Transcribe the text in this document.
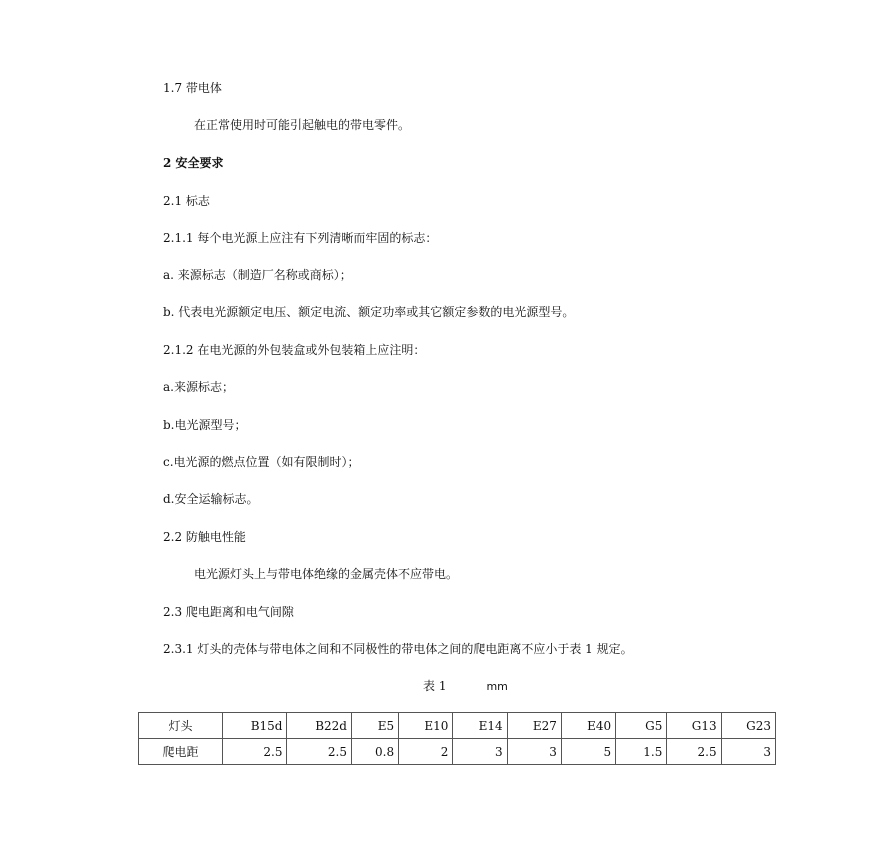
1.7 带电体
在正常使用时可能引起触电的带电零件。
2 安全要求
2.1 标志
2.1.1 每个电光源上应注有下列清晰而牢固的标志：
a. 来源标志（制造厂名称或商标）；
b. 代表电光源额定电压、额定电流、额定功率或其它额定参数的电光源型号。
2.1.2 在电光源的外包装盒或外包装箱上应注明：
a.来源标志；
b.电光源型号；
c.电光源的燃点位置（如有限制时）；
d.安全运输标志。
2.2 防触电性能
电光源灯头上与带电体绝缘的金属壳体不应带电。
2.3 爬电距离和电气间隙
2.3.1 灯头的壳体与带电体之间和不同极性的带电体之间的爬电距离不应小于表 1 规定。
表 1	mm
灯头	B15d	B22d	E5	E10	E14	E27	E40	G5	G13	G23
爬电距	2.5	2.5	0.8	2	3	3	5	1.5	2.5	3
